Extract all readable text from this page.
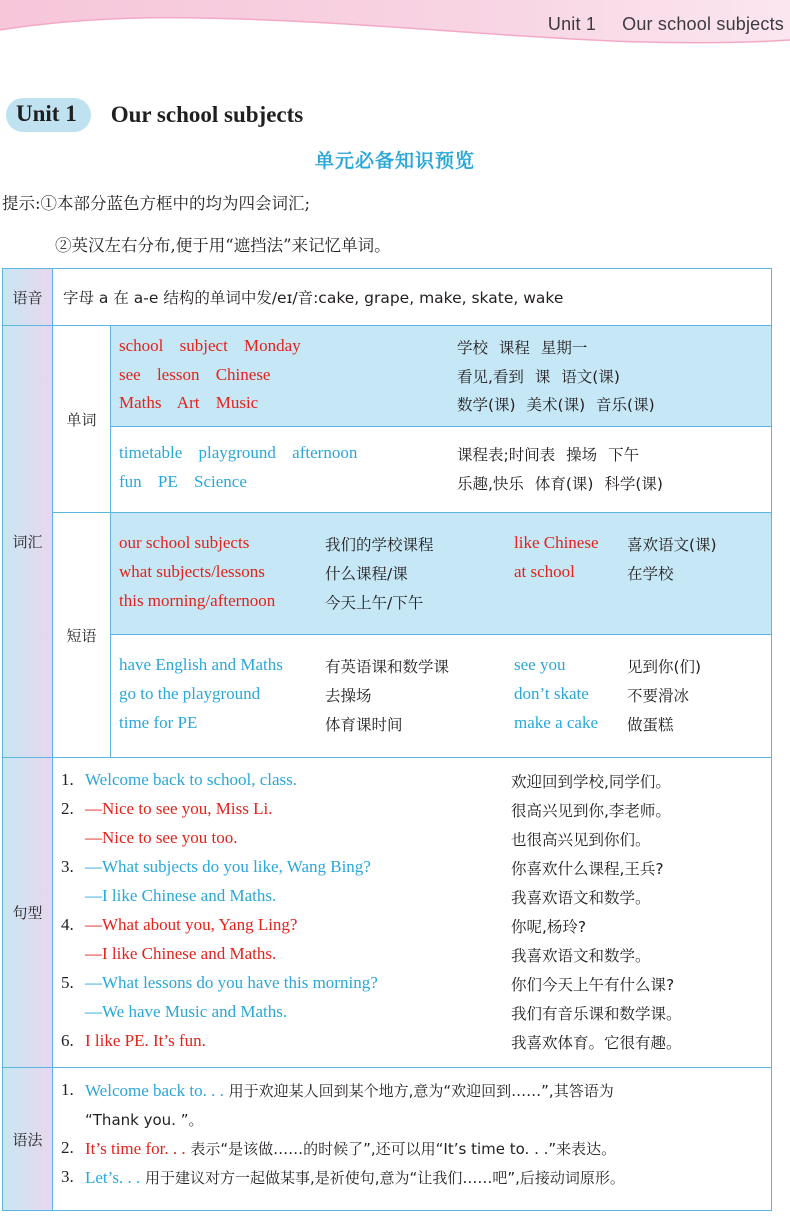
Unit 1 Our school subjects
Unit 1	Our school subjects
单元必备知识预览
提示:①本部分蓝色方框中的均为四会词汇;
②英汉左右分布,便于用“遮挡法”来记忆单词。
语音	字母 a 在 a-e 结构的单词中发/eɪ/音:cake, grape, make, skate, wake
词汇
单词
school subject Monday	学校 课程 星期一
see lesson Chinese	看见,看到 课 语文(课)
Maths Art Music	数学(课) 美术(课) 音乐(课)
timetable playground afternoon	课程表;时间表 操场 下午
fun PE Science	乐趣,快乐 体育(课) 科学(课)
短语
our school subjects	我们的学校课程	like Chinese 喜欢语文(课)
what subjects/lessons	什么课程/课	at school	在学校
this morning/afternoon	今天上午/下午
have English and Maths	有英语课和数学课	see you	见到你(们)
go to the playground	去操场	don’t skate 不要滑冰
time for PE	体育课时间	make a cake 做蛋糕
句型
1. Welcome back to school, class.	欢迎回到学校,同学们。
2. —Nice to see you, Miss Li.	很高兴见到你,李老师。
—Nice to see you too.	也很高兴见到你们。
3. —What subjects do you like, Wang Bing?	你喜欢什么课程,王兵?
—I like Chinese and Maths.	我喜欢语文和数学。
4. —What about you, Yang Ling?	你呢,杨玲?
—I like Chinese and Maths.	我喜欢语文和数学。
5. —What lessons do you have this morning?	你们今天上午有什么课?
—We have Music and Maths.	我们有音乐课和数学课。
6. I like PE. It’s fun.	我喜欢体育。它很有趣。
语法
1. Welcome back to. . . 用于欢迎某人回到某个地方,意为“欢迎回到……”,其答语为
“Thank you. ”。
2. It’s time for. . . 表示“是该做……的时候了”,还可以用“It’s time to. . .”来表达。
3. Let’s. . . 用于建议对方一起做某事,是祈使句,意为“让我们……吧”,后接动词原形。
